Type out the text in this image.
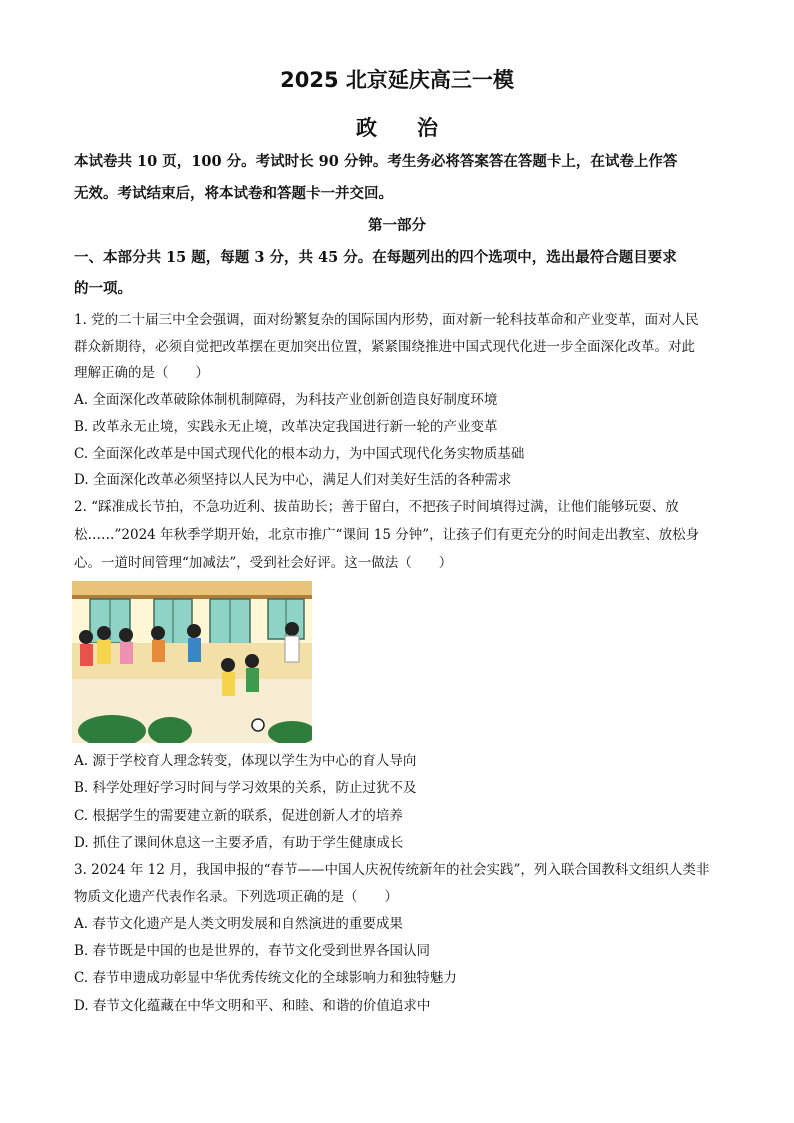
2025 北京延庆高三一模
政治
本试卷共 10 页，100 分。考试时长 90 分钟。考生务必将答案答在答题卡上，在试卷上作答
无效。考试结束后，将本试卷和答题卡一并交回。
第一部分
一、本部分共 15 题，每题 3 分，共 45 分。在每题列出的四个选项中，选出最符合题目要求
的一项。
1. 党的二十届三中全会强调，面对纷繁复杂的国际国内形势，面对新一轮科技革命和产业变革，面对人民
群众新期待，必须自觉把改革摆在更加突出位置，紧紧围绕推进中国式现代化进一步全面深化改革。对此
理解正确的是（　　）
A. 全面深化改革破除体制机制障碍，为科技产业创新创造良好制度环境
B. 改革永无止境，实践永无止境，改革决定我国进行新一轮的产业变革
C. 全面深化改革是中国式现代化的根本动力，为中国式现代化务实物质基础
D. 全面深化改革必须坚持以人民为中心，满足人们对美好生活的各种需求
2. “踩准成长节拍，不急功近利、拔苗助长；善于留白，不把孩子时间填得过满，让他们能够玩耍、放
松……”2024 年秋季学期开始，北京市推广“课间 15 分钟”，让孩子们有更充分的时间走出教室、放松身
心。一道时间管理“加减法”，受到社会好评。这一做法（　　）
A. 源于学校育人理念转变，体现以学生为中心的育人导向
B. 科学处理好学习时间与学习效果的关系，防止过犹不及
C. 根据学生的需要建立新的联系，促进创新人才的培养
D. 抓住了课间休息这一主要矛盾，有助于学生健康成长
3. 2024 年 12 月，我国申报的“春节——中国人庆祝传统新年的社会实践”，列入联合国教科文组织人类非
物质文化遗产代表作名录。下列选项正确的是（　　）
A. 春节文化遗产是人类文明发展和自然演进的重要成果
B. 春节既是中国的也是世界的，春节文化受到世界各国认同
C. 春节申遗成功彰显中华优秀传统文化的全球影响力和独特魅力
D. 春节文化蕴藏在中华文明和平、和睦、和谐的价值追求中
